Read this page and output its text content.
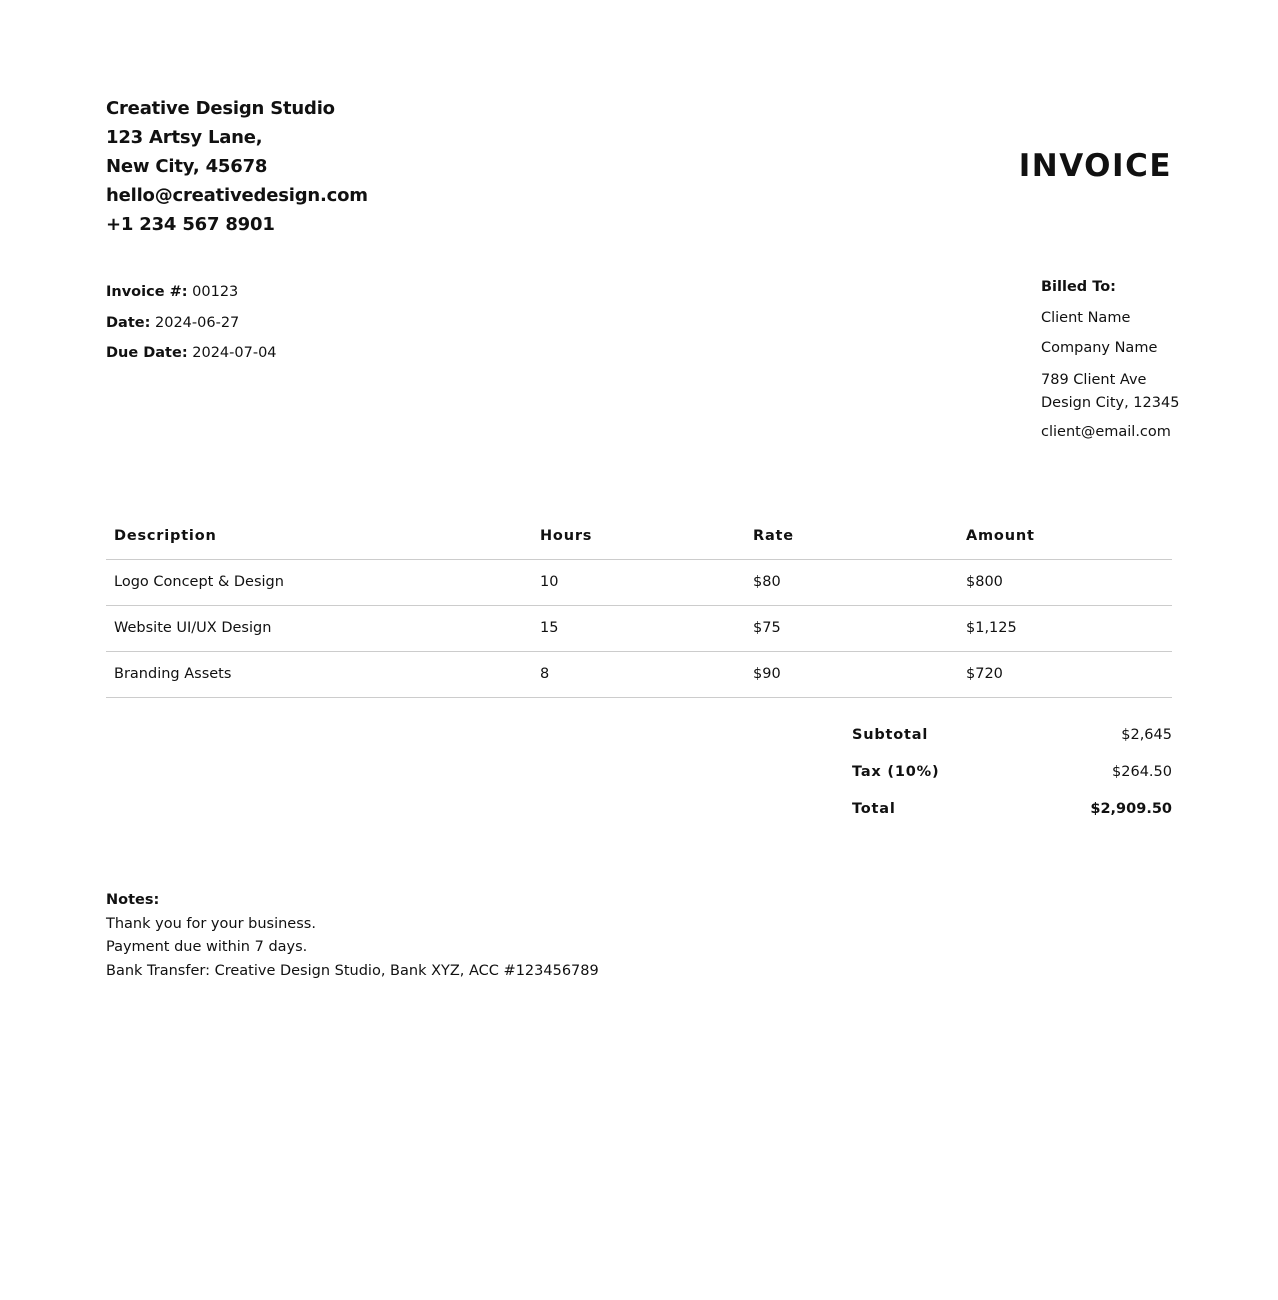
Creative Design Studio
123 Artsy Lane,
New City, 45678
hello@creativedesign.com
+1 234 567 8901
INVOICE
Invoice #: 00123
Date: 2024-06-27
Due Date: 2024-07-04
Billed To:
Client Name
Company Name
789 Client Ave
Design City, 12345
client@email.com
Description	Hours	Rate	Amount
Logo Concept & Design	10	$80	$800
Website UI/UX Design	15	$75	$1,125
Branding Assets	8	$90	$720
Subtotal	$2,645
Tax (10%)	$264.50
Total	$2,909.50
Notes:
Thank you for your business.
Payment due within 7 days.
Bank Transfer: Creative Design Studio, Bank XYZ, ACC #123456789
